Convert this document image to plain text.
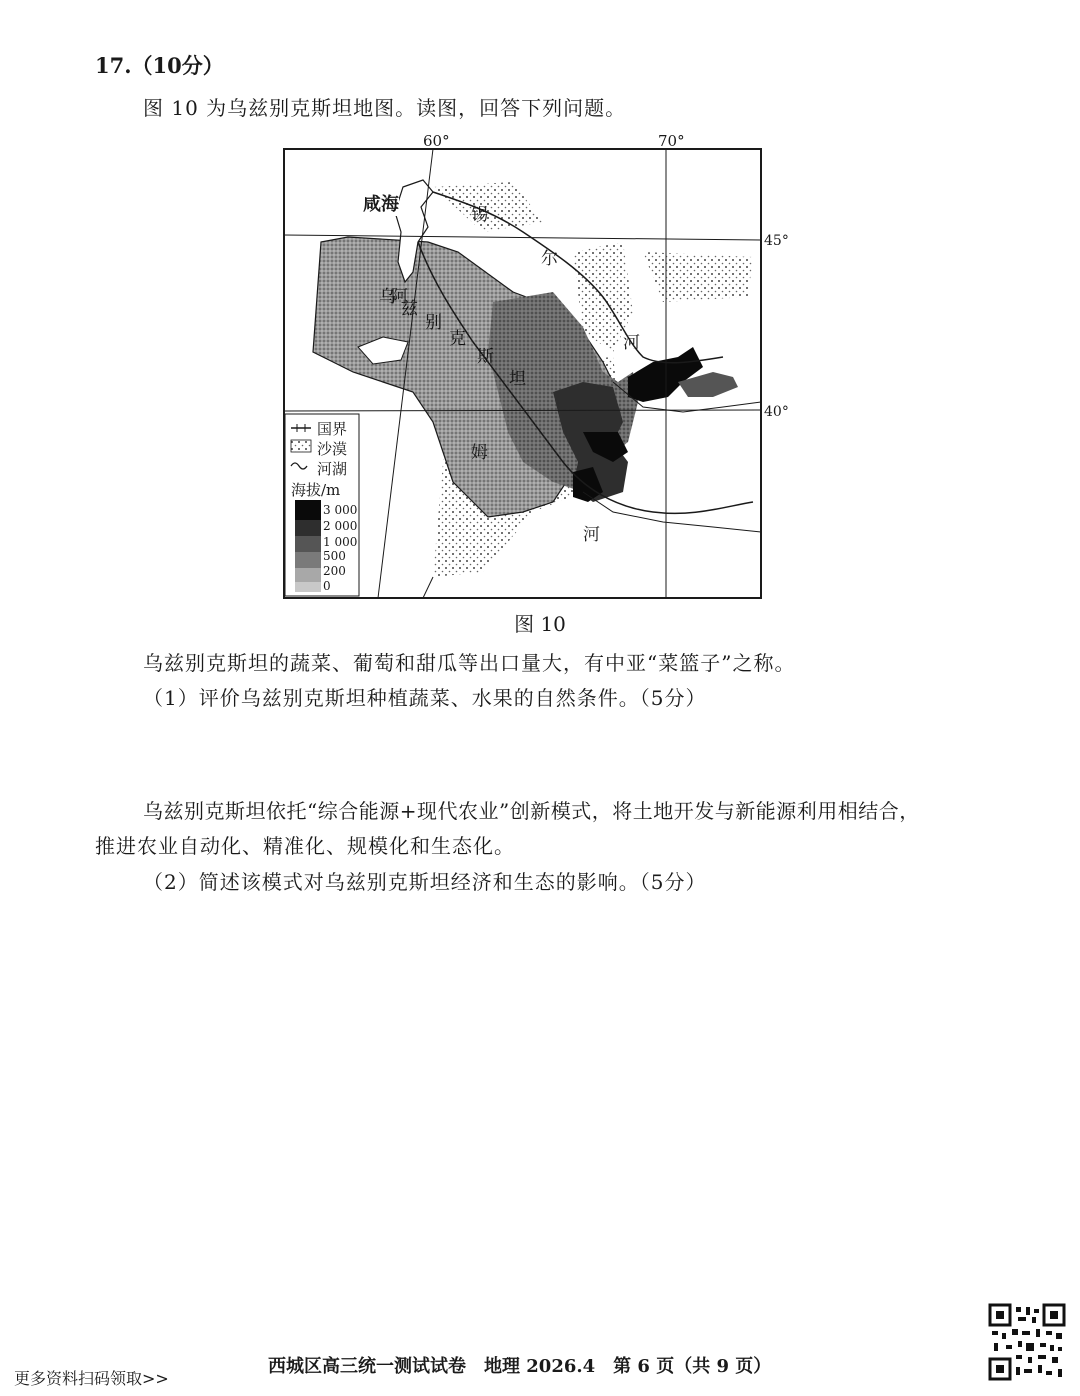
17.（10分）
图 10 为乌兹别克斯坦地图。读图，回答下列问题。
60°	70°
45°
40°
咸海	锡
尔
河
阿
姆
河
乌
兹
别
克
斯
坦
国界
沙漠
河湖
海拔/m
3 000
2 000
1 000
500
200
0
图 10
乌兹别克斯坦的蔬菜、葡萄和甜瓜等出口量大，有中亚“菜篮子”之称。
（1）评价乌兹别克斯坦种植蔬菜、水果的自然条件。（5分）
乌兹别克斯坦依托“综合能源+现代农业”创新模式，将土地开发与新能源利用相结合，
推进农业自动化、精准化、规模化和生态化。
（2）简述该模式对乌兹别克斯坦经济和生态的影响。（5分）
西城区高三统一测试试卷　地理 2026.4　第 6 页（共 9 页）
更多资料扫码领取>>
